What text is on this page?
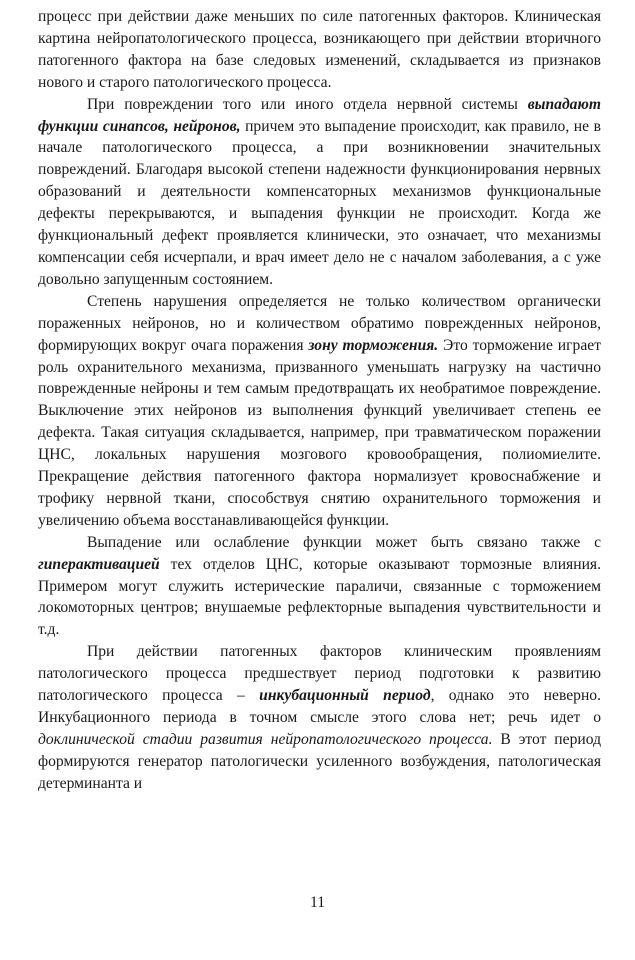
процесс при действии даже меньших по силе патогенных факторов. Клиническая картина нейропатологического процесса, возникающего при действии вторичного патогенного фактора на базе следовых изменений, складывается из признаков нового и старого патологического процесса.

При повреждении того или иного отдела нервной системы выпадают функции синапсов, нейронов, причем это выпадение происходит, как правило, не в начале патологического процесса, а при возникновении значительных повреждений. Благодаря высокой степени надежности функционирования нервных образований и деятельности компенсаторных механизмов функциональные дефекты перекрываются, и выпадения функции не происходит. Когда же функциональный дефект проявляется клинически, это означает, что механизмы компенсации себя исчерпали, и врач имеет дело не с началом заболевания, а с уже довольно запущенным состоянием.

Степень нарушения определяется не только количеством органически пораженных нейронов, но и количеством обратимо поврежденных нейронов, формирующих вокруг очага поражения зону торможения. Это торможение играет роль охранительного механизма, призванного уменьшать нагрузку на частично поврежденные нейроны и тем самым предотвращать их необратимое повреждение. Выключение этих нейронов из выполнения функций увеличивает степень ее дефекта. Такая ситуация складывается, например, при травматическом поражении ЦНС, локальных нарушения мозгового кровообращения, полиомиелите. Прекращение действия патогенного фактора нормализует кровоснабжение и трофику нервной ткани, способствуя снятию охранительного торможения и увеличению объема восстанавливающейся функции.

Выпадение или ослабление функции может быть связано также с гиперактивацией тех отделов ЦНС, которые оказывают тормозные влияния. Примером могут служить истерические параличи, связанные с торможением локомоторных центров; внушаемые рефлекторные выпадения чувствительности и т.д.

При действии патогенных факторов клиническим проявлениям патологического процесса предшествует период подготовки к развитию патологического процесса – инкубационный период, однако это неверно. Инкубационного периода в точном смысле этого слова нет; речь идет о доклинической стадии развития нейропатологического процесса. В этот период формируются генератор патологически усиленного возбуждения, патологическая детерминанта и

11
